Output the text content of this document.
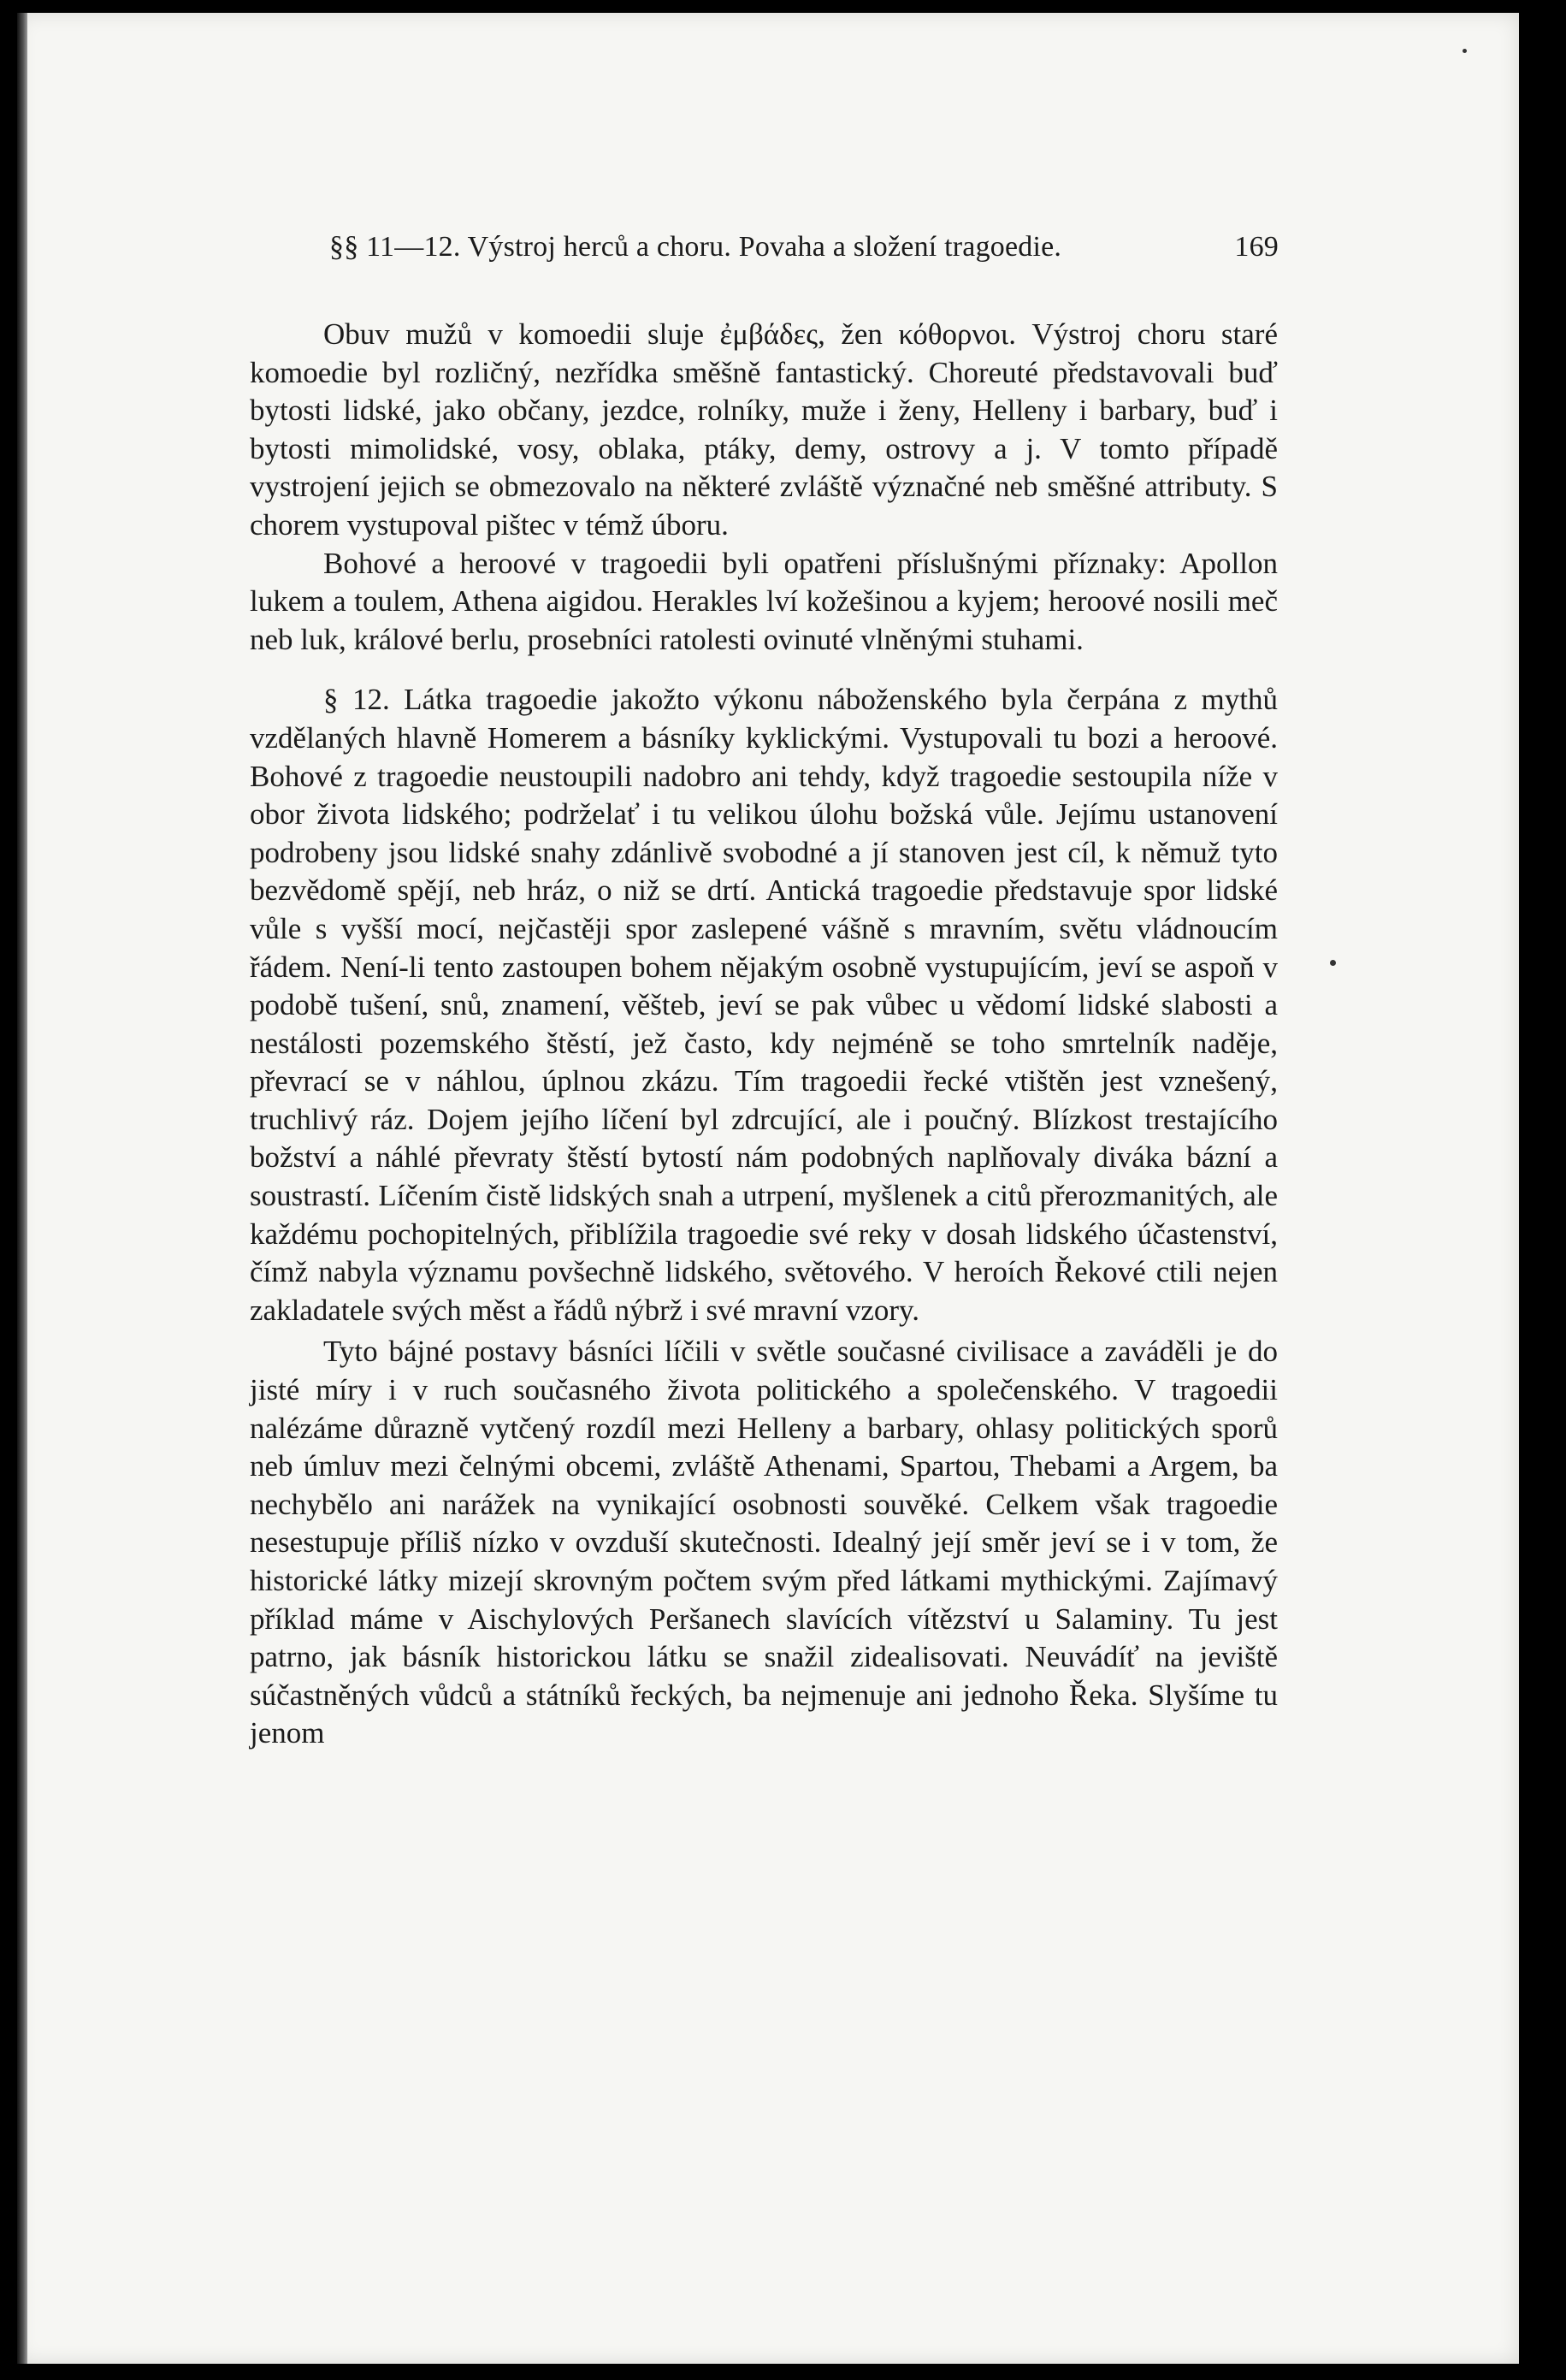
§§ 11—12. Výstroj herců a choru. Povaha a složení tragoedie.	169

Obuv mužů v komoedii sluje ἐμβάδες, žen κόθορνοι. Výstroj choru staré komoedie byl rozličný, nezřídka směšně fantastický. Choreuté představovali buď bytosti lidské, jako občany, jezdce, rolníky, muže i ženy, Helleny i barbary, buď i bytosti mimolidské, vosy, oblaka, ptáky, demy, ostrovy a j. V tomto případě vystrojení jejich se obmezovalo na některé zvláště význačné neb směšné attributy. S chorem vystupoval pištec v témž úboru.

Bohové a heroové v tragoedii byli opatřeni příslušnými příznaky: Apollon lukem a toulem, Athena aigidou. Herakles lví kožešinou a kyjem; heroové nosili meč neb luk, králové berlu, prosebníci ratolesti ovinuté vlněnými stuhami.

§ 12. Látka tragoedie jakožto výkonu náboženského byla čerpána z mythů vzdělaných hlavně Homerem a básníky kyklickými. Vystupovali tu bozi a heroové. Bohové z tragoedie neustoupili nadobro ani tehdy, když tragoedie sestoupila níže v obor života lidského; podrželať i tu velikou úlohu božská vůle. Jejímu ustanovení podrobeny jsou lidské snahy zdánlivě svobodné a jí stanoven jest cíl, k němuž tyto bezvědomě spějí, neb hráz, o niž se drtí. Antická tragoedie představuje spor lidské vůle s vyšší mocí, nejčastěji spor zaslepené vášně s mravním, světu vládnoucím řádem. Není-li tento zastoupen bohem nějakým osobně vystupujícím, jeví se aspoň v podobě tušení, snů, znamení, věšteb, jeví se pak vůbec u vědomí lidské slabosti a nestálosti pozemského štěstí, jež často, kdy nejméně se toho smrtelník naděje, převrací se v náhlou, úplnou zkázu. Tím tragoedii řecké vtištěn jest vznešený, truchlivý ráz. Dojem jejího líčení byl zdrcující, ale i poučný. Blízkost trestajícího božství a náhlé převraty štěstí bytostí nám podobných naplňovaly diváka bázní a soustrastí. Líčením čistě lidských snah a utrpení, myšlenek a citů přerozmanitých, ale každému pochopitelných, přiblížila tragoedie své reky v dosah lidského účastenství, čímž nabyla významu povšechně lidského, světového. V heroích Řekové ctili nejen zakladatele svých měst a řádů nýbrž i své mravní vzory.

Tyto bájné postavy básníci líčili v světle současné civilisace a zaváděli je do jisté míry i v ruch současného života politického a společenského. V tragoedii nalézáme důrazně vytčený rozdíl mezi Helleny a barbary, ohlasy politických sporů neb úmluv mezi čelnými obcemi, zvláště Athenami, Spartou, Thebami a Argem, ba nechybělo ani narážek na vynikající osobnosti souvěké. Celkem však tragoedie nesestupuje příliš nízko v ovzduší skutečnosti. Idealný její směr jeví se i v tom, že historické látky mizejí skrovným počtem svým před látkami mythickými. Zajímavý příklad máme v Aischylových Peršanech slavících vítězství u Salaminy. Tu jest patrno, jak básník historickou látku se snažil zidealisovati. Neuvádíť na jeviště súčastněných vůdců a státníků řeckých, ba nejmenuje ani jednoho Řeka. Slyšíme tu jenom
